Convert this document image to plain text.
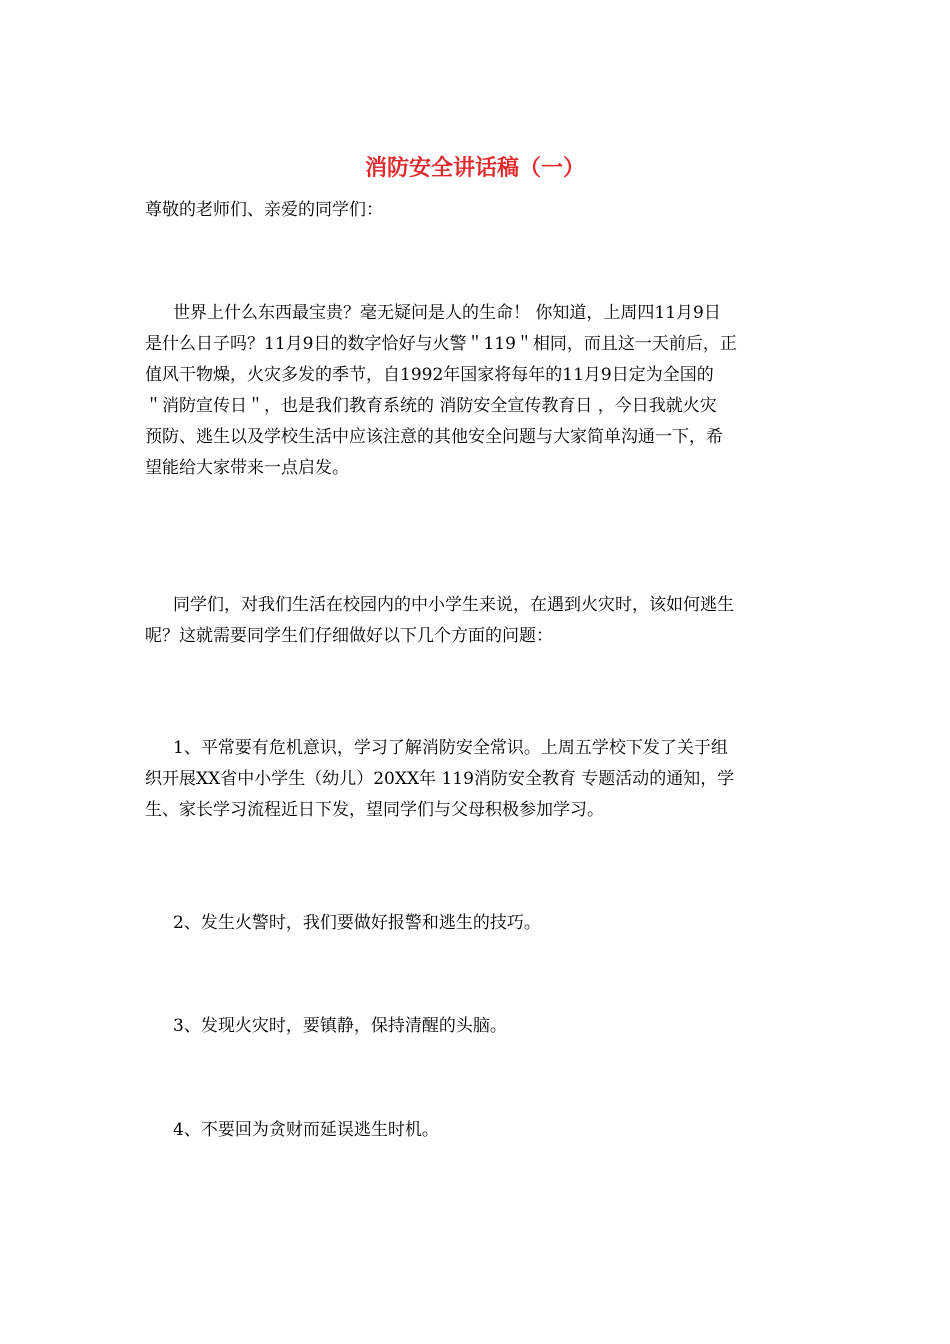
消防安全讲话稿（一）
尊敬的老师们、亲爱的同学们：
世界上什么东西最宝贵？毫无疑问是人的生命！ 你知道，上周四11月9日
是什么日子吗？11月9日的数字恰好与火警＂119＂相同，而且这一天前后，正
值风干物燥，火灾多发的季节，自1992年国家将每年的11月9日定为全国的
＂消防宣传日＂，也是我们教育系统的 消防安全宣传教育日 ，今日我就火灾
预防、逃生以及学校生活中应该注意的其他安全问题与大家简单沟通一下，希
望能给大家带来一点启发。
同学们，对我们生活在校园内的中小学生来说，在遇到火灾时，该如何逃生
呢？这就需要同学生们仔细做好以下几个方面的问题：
1、平常要有危机意识，学习了解消防安全常识。上周五学校下发了关于组
织开展XX省中小学生（幼儿）20XX年 119消防安全教育 专题活动的通知，学
生、家长学习流程近日下发，望同学们与父母积极参加学习。
2、发生火警时，我们要做好报警和逃生的技巧。
3、发现火灾时，要镇静，保持清醒的头脑。
4、不要回为贪财而延误逃生时机。
